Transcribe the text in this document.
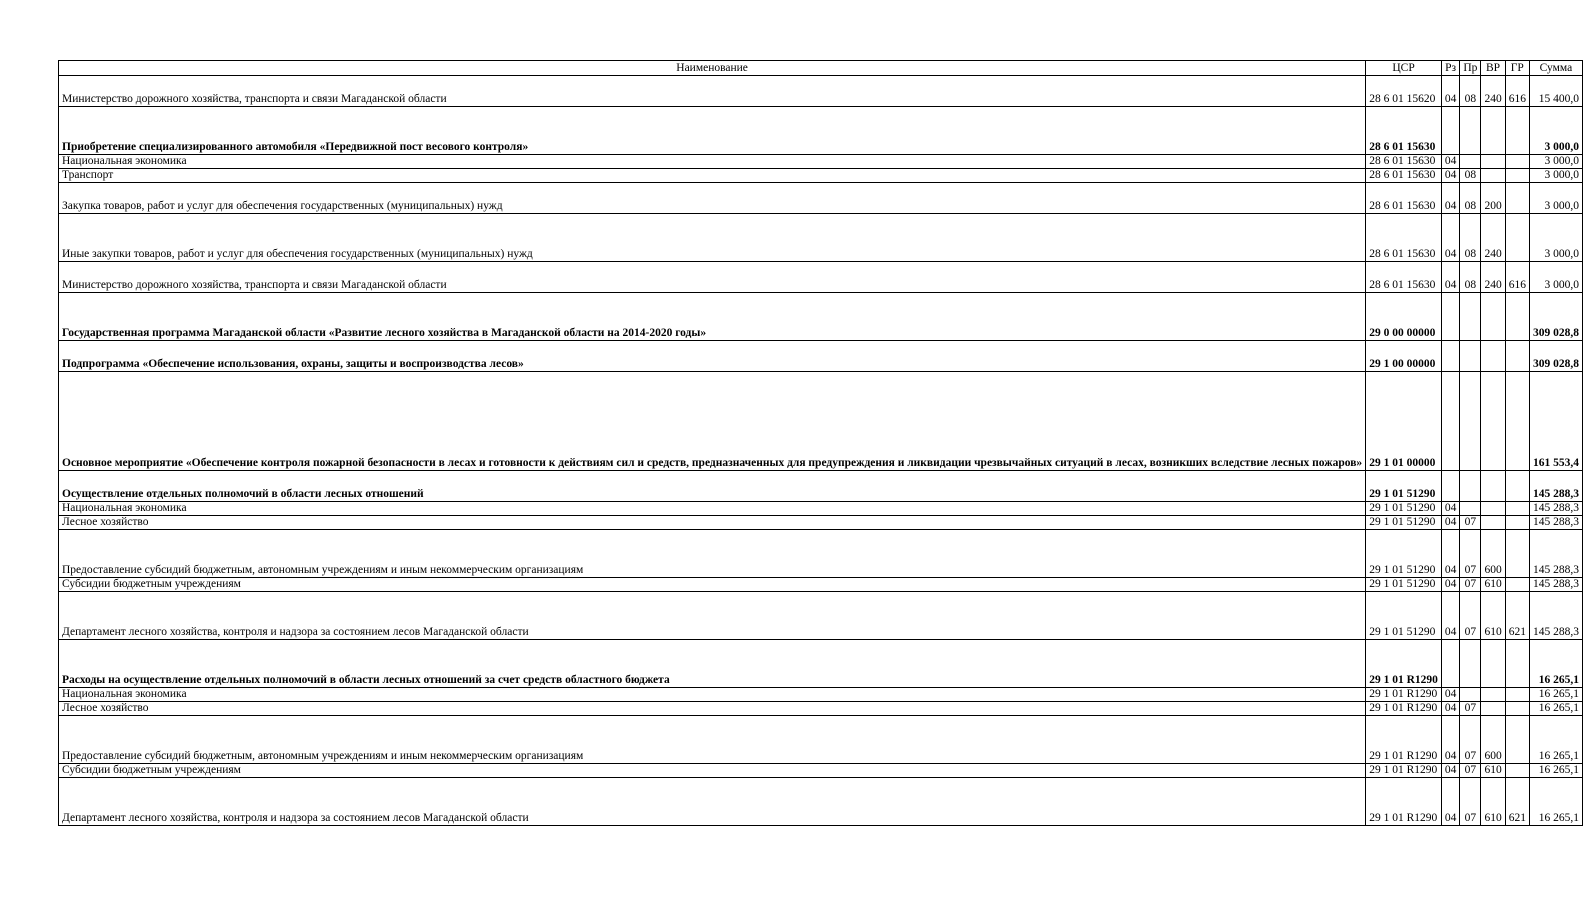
Наименование	ЦСР	Рз	Пр	ВР	ГР	Сумма
Министерство дорожного хозяйства, транспорта и связи Магаданской области	28 6 01 15620	04	08	240	616	15 400,0
Приобретение специализированного автомобиля «Передвижной пост весового контроля»	28 6 01 15630					3 000,0
Национальная экономика	28 6 01 15630	04				3 000,0
Транспорт	28 6 01 15630	04	08			3 000,0
Закупка товаров, работ и услуг для обеспечения государственных (муниципальных) нужд	28 6 01 15630	04	08	200		3 000,0
Иные закупки товаров, работ и услуг для обеспечения государственных (муниципальных) нужд	28 6 01 15630	04	08	240		3 000,0
Министерство дорожного хозяйства, транспорта и связи Магаданской области	28 6 01 15630	04	08	240	616	3 000,0
Государственная программа Магаданской области «Развитие лесного хозяйства в Магаданской области на 2014-2020 годы»	29 0 00 00000					309 028,8
Подпрограмма «Обеспечение использования, охраны, защиты и воспроизводства лесов»	29 1 00 00000					309 028,8
Основное мероприятие «Обеспечение контроля пожарной безопасности в лесах и готовности к действиям сил и средств, предназначенных для предупреждения и ликвидации чрезвычайных ситуаций в лесах, возникших вследствие лесных пожаров»	29 1 01 00000					161 553,4
Осуществление отдельных полномочий в области лесных отношений	29 1 01 51290					145 288,3
Национальная экономика	29 1 01 51290	04				145 288,3
Лесное хозяйство	29 1 01 51290	04	07			145 288,3
Предоставление субсидий бюджетным, автономным учреждениям и иным некоммерческим организациям	29 1 01 51290	04	07	600		145 288,3
Субсидии бюджетным учреждениям	29 1 01 51290	04	07	610		145 288,3
Департамент лесного хозяйства, контроля и надзора за состоянием лесов Магаданской области	29 1 01 51290	04	07	610	621	145 288,3
Расходы на осуществление отдельных полномочий в области лесных отношений за счет средств областного бюджета	29 1 01 R1290					16 265,1
Национальная экономика	29 1 01 R1290	04				16 265,1
Лесное хозяйство	29 1 01 R1290	04	07			16 265,1
Предоставление субсидий бюджетным, автономным учреждениям и иным некоммерческим организациям	29 1 01 R1290	04	07	600		16 265,1
Субсидии бюджетным учреждениям	29 1 01 R1290	04	07	610		16 265,1
Департамент лесного хозяйства, контроля и надзора за состоянием лесов Магаданской области	29 1 01 R1290	04	07	610	621	16 265,1
